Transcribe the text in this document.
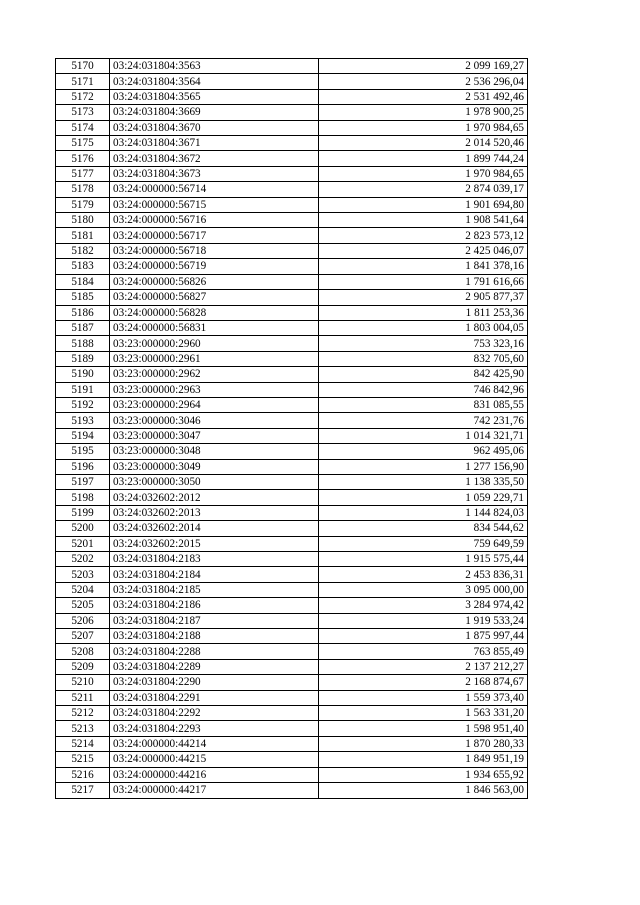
5170	03:24:031804:3563	2 099 169,27
5171	03:24:031804:3564	2 536 296,04
5172	03:24:031804:3565	2 531 492,46
5173	03:24:031804:3669	1 978 900,25
5174	03:24:031804:3670	1 970 984,65
5175	03:24:031804:3671	2 014 520,46
5176	03:24:031804:3672	1 899 744,24
5177	03:24:031804:3673	1 970 984,65
5178	03:24:000000:56714	2 874 039,17
5179	03:24:000000:56715	1 901 694,80
5180	03:24:000000:56716	1 908 541,64
5181	03:24:000000:56717	2 823 573,12
5182	03:24:000000:56718	2 425 046,07
5183	03:24:000000:56719	1 841 378,16
5184	03:24:000000:56826	1 791 616,66
5185	03:24:000000:56827	2 905 877,37
5186	03:24:000000:56828	1 811 253,36
5187	03:24:000000:56831	1 803 004,05
5188	03:23:000000:2960	753 323,16
5189	03:23:000000:2961	832 705,60
5190	03:23:000000:2962	842 425,90
5191	03:23:000000:2963	746 842,96
5192	03:23:000000:2964	831 085,55
5193	03:23:000000:3046	742 231,76
5194	03:23:000000:3047	1 014 321,71
5195	03:23:000000:3048	962 495,06
5196	03:23:000000:3049	1 277 156,90
5197	03:23:000000:3050	1 138 335,50
5198	03:24:032602:2012	1 059 229,71
5199	03:24:032602:2013	1 144 824,03
5200	03:24:032602:2014	834 544,62
5201	03:24:032602:2015	759 649,59
5202	03:24:031804:2183	1 915 575,44
5203	03:24:031804:2184	2 453 836,31
5204	03:24:031804:2185	3 095 000,00
5205	03:24:031804:2186	3 284 974,42
5206	03:24:031804:2187	1 919 533,24
5207	03:24:031804:2188	1 875 997,44
5208	03:24:031804:2288	763 855,49
5209	03:24:031804:2289	2 137 212,27
5210	03:24:031804:2290	2 168 874,67
5211	03:24:031804:2291	1 559 373,40
5212	03:24:031804:2292	1 563 331,20
5213	03:24:031804:2293	1 598 951,40
5214	03:24:000000:44214	1 870 280,33
5215	03:24:000000:44215	1 849 951,19
5216	03:24:000000:44216	1 934 655,92
5217	03:24:000000:44217	1 846 563,00
